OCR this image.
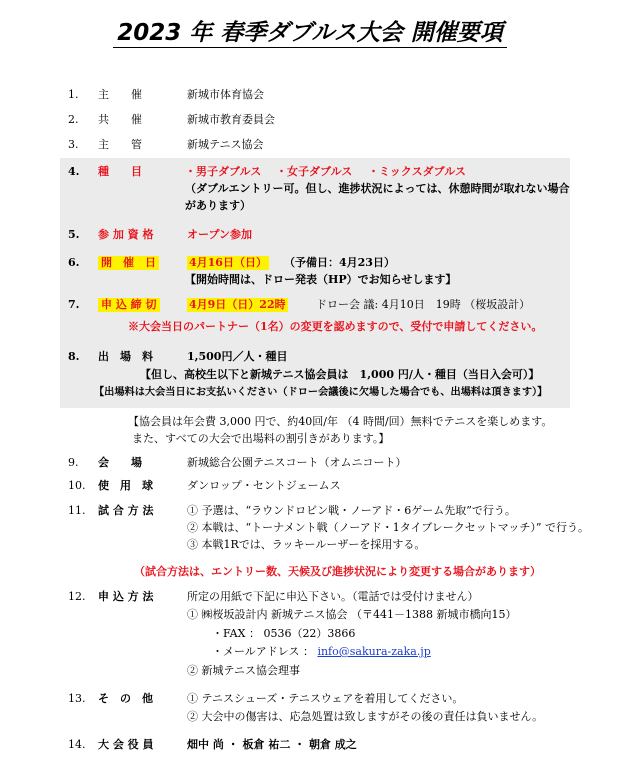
2023 年 春季ダブルス大会 開催要項
1. 主　　催	新城市体育協会
2. 共　　催	新城市教育委員会
3. 主　　管	新城テニス協会
4. 種　　目	・男子ダブルス ・女子ダブルス ・ミックスダブルス
（ダブルエントリー可。但し、進捗状況によっては、休憩時間が取れない場合
があります）
5. 参 加 資 格	オープン参加
6. 開　催　日	4月16日（日） （予備日：4月23日）
【開始時間は、ドロー発表（HP）でお知らせします】
7. 申 込 締 切	4月9日（日）22時	ドロー会 議: 4月10日　19時 （桜坂設計）
※大会当日のパートナー（1名）の変更を認めますので、受付で申請してください。
8. 出　場　料	1,500円／人・種目
【但し、高校生以下と新城テニス協会員は　1,000 円/人・種目（当日入会可）】
【出場料は大会当日にお支払いください（ドロー会議後に欠場した場合でも、出場料は頂きます）】
【協会員は年会費 3,000 円で、約40回/年 （4 時間/回）無料でテニスを楽しめます。
また、すべての大会で出場料の割引きがあります。】
9. 会　　場	新城総合公園テニスコート（オムニコート）
10. 使　用　球	ダンロップ・セントジェームス
11. 試 合 方 法	① 予選は、“ラウンドロビン戦・ノーアド・6ゲーム先取”で行う。
② 本戦は、“トーナメント戦（ノーアド・1タイブレークセットマッチ）” で行う。
③ 本戦1Rでは、ラッキールーザーを採用する。
（試合方法は、エントリー数、天候及び進捗状況により変更する場合があります）
12. 申 込 方 法	所定の用紙で下記に申込下さい。（電話では受付けません）
① ㈱桜坂設計内 新城テニス協会 （〒441－1388 新城市橋向15）
・FAX ： 0536（22）3866
・メールアドレス ： info@sakura-zaka.jp
② 新城テニス協会理事
13. そ　の　他	① テニスシューズ・テニスウェアを着用してください。
② 大会中の傷害は、応急処置は致しますがその後の責任は負いません。
14. 大 会 役 員	畑中 尚 ・ 板倉 祐二 ・ 朝倉 成之
